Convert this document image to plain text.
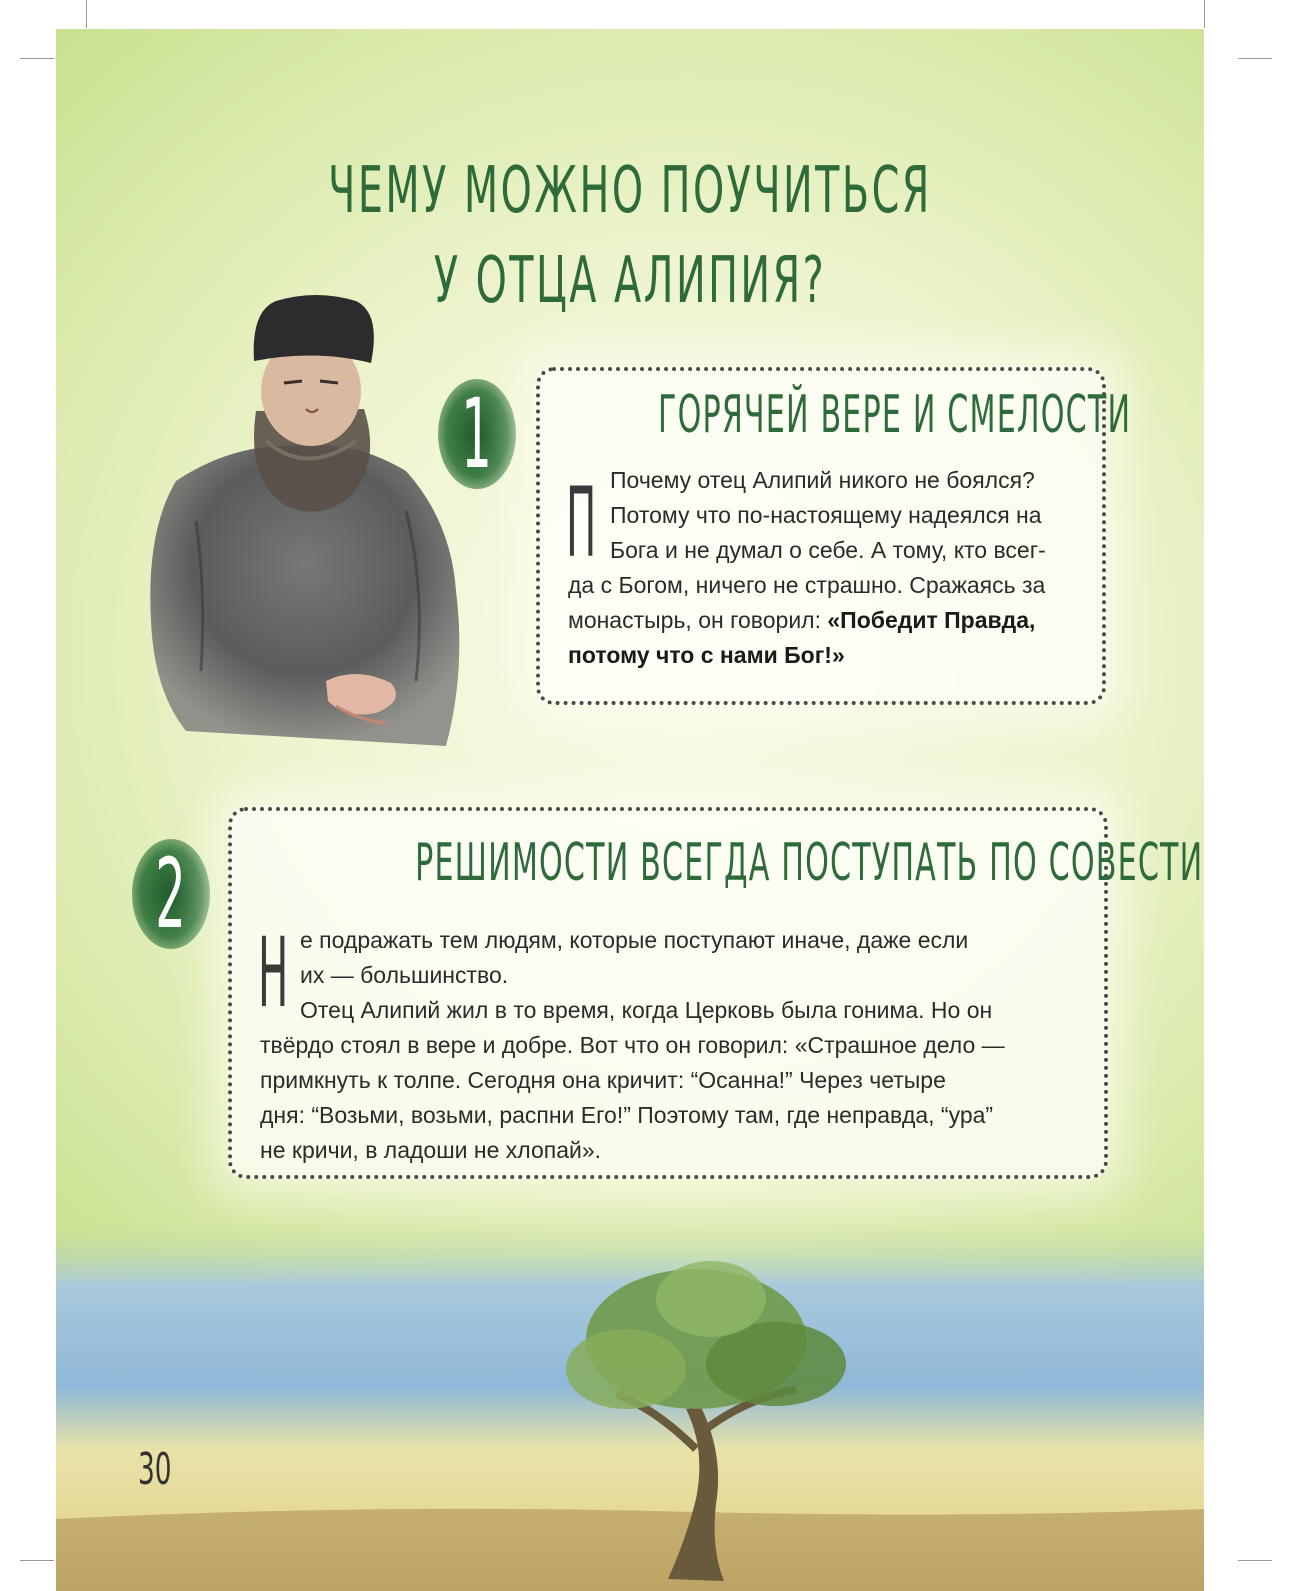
ЧЕМУ МОЖНО ПОУЧИТЬСЯ
У ОТЦА АЛИПИЯ?
1	ГОРЯЧЕЙ ВЕРЕ И СМЕЛОСТИ
П Почему отец Алипий никого не боялся?
Потому что по-настоящему надеялся на
Бога и не думал о себе. А тому, кто всег-

да с Богом, ничего не страшно. Сражаясь за
монастырь, он говорил: «Победит Правда,
потому что с нами Бог!»

2	РЕШИМОСТИ ВСЕГДА ПОСТУПАТЬ ПО СОВЕСТИ
Н е подражать тем людям, которые поступают иначе, даже если
их — большинство.
Отец Алипий жил в то время, когда Церковь была гонима. Но он

твёрдо стоял в вере и добре. Вот что он говорил: «Страшное дело —
примкнуть к толпе. Сегодня она кричит: “Осанна!” Через четыре
дня: “Возьми, возьми, распни Его!” Поэтому там, где неправда, “ура”
не кричи, в ладоши не хлопай».

30
